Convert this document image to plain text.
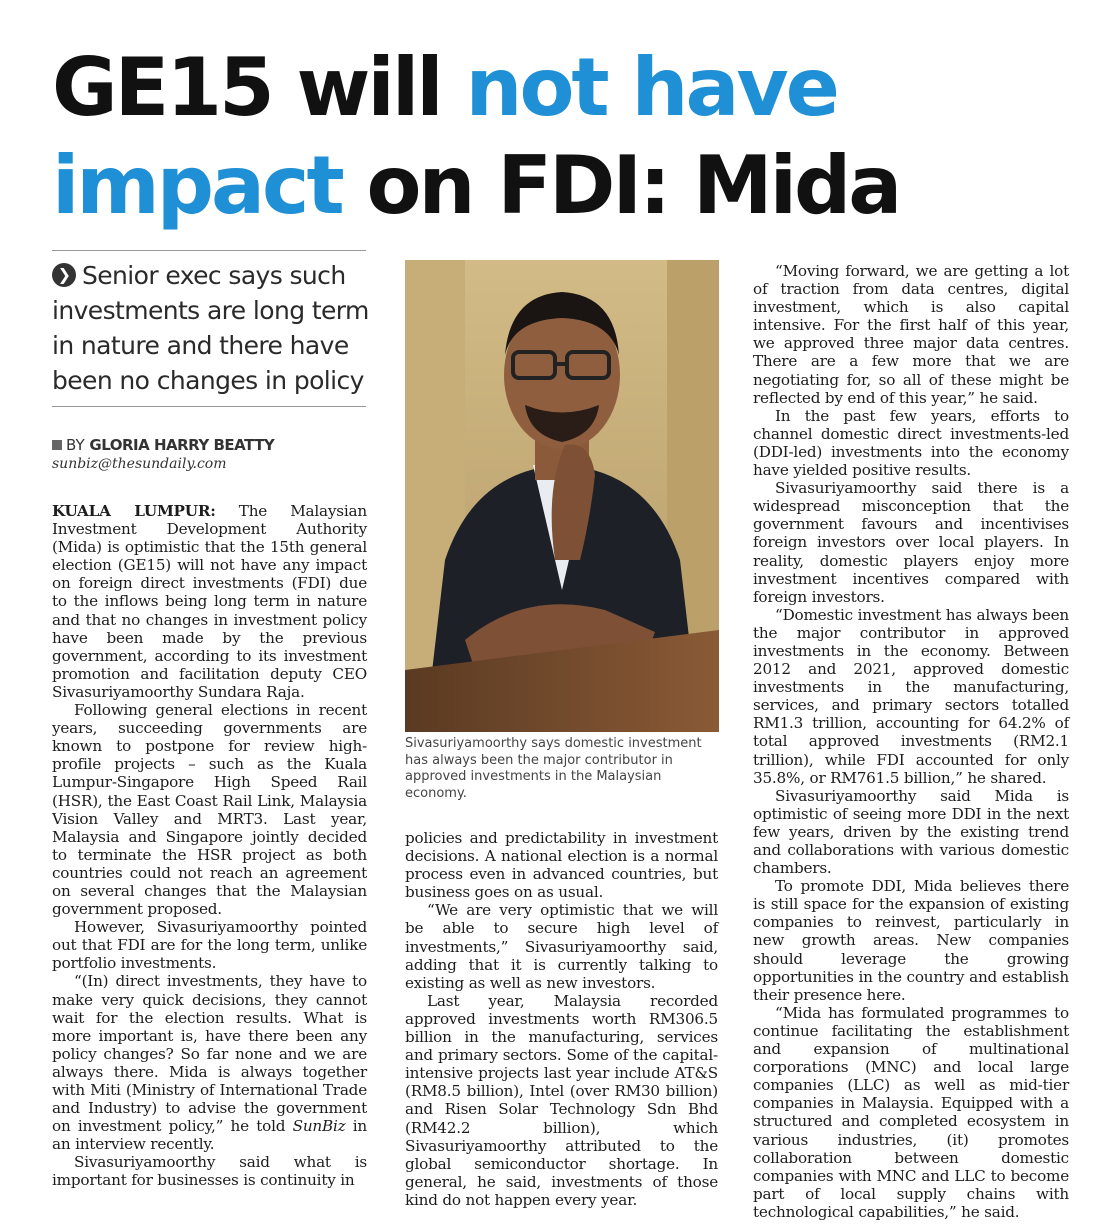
GE15 will not have
impact on FDI: Mida
❯ Senior exec says such investments are long term in nature and there have been no changes in policy
BY GLORIA HARRY BEATTY
sunbiz@thesundaily.com

KUALA LUMPUR: The Malaysian Investment Development Authority (Mida) is optimistic that the 15th general election (GE15) will not have any impact on foreign direct investments (FDI) due to the inflows being long term in nature and that no changes in investment policy have been made by the previous government, according to its investment promotion and facilitation deputy CEO Sivasuriyamoorthy Sundara Raja.

Following general elections in recent years, succeeding governments are known to postpone for review high-profile projects – such as the Kuala Lumpur-Singapore High Speed Rail (HSR), the East Coast Rail Link, Malaysia Vision Valley and MRT3. Last year, Malaysia and Singapore jointly decided to terminate the HSR project as both countries could not reach an agreement on several changes that the Malaysian government proposed.

However, Sivasuriyamoorthy pointed out that FDI are for the long term, unlike portfolio investments.

“(In) direct investments, they have to make very quick decisions, they cannot wait for the election results. What is more important is, have there been any policy changes? So far none and we are always there. Mida is always together with Miti (Ministry of International Trade and Industry) to advise the government on investment policy,” he told SunBiz in an interview recently.

Sivasuriyamoorthy said what is important for businesses is continuity in

Sivasuriyamoorthy says domestic investment has always been the major contributor in approved investments in the Malaysian economy.

policies and predictability in investment decisions. A national election is a normal process even in advanced countries, but business goes on as usual.

“We are very optimistic that we will be able to secure high level of investments,” Sivasuriyamoorthy said, adding that it is currently talking to existing as well as new investors.

Last year, Malaysia recorded approved investments worth RM306.5 billion in the manufacturing, services and primary sectors. Some of the capital-intensive projects last year include AT&S (RM8.5 billion), Intel (over RM30 billion) and Risen Solar Technology Sdn Bhd (RM42.2 billion), which Sivasuriyamoorthy attributed to the global semiconductor shortage. In general, he said, investments of those kind do not happen every year.

“Moving forward, we are getting a lot of traction from data centres, digital investment, which is also capital intensive. For the first half of this year, we approved three major data centres. There are a few more that we are negotiating for, so all of these might be reflected by end of this year,” he said.

In the past few years, efforts to channel domestic direct investments-led (DDI-led) investments into the economy have yielded positive results.

Sivasuriyamoorthy said there is a widespread misconception that the government favours and incentivises foreign investors over local players. In reality, domestic players enjoy more investment incentives compared with foreign investors.

“Domestic investment has always been the major contributor in approved investments in the economy. Between 2012 and 2021, approved domestic investments in the manufacturing, services, and primary sectors totalled RM1.3 trillion, accounting for 64.2% of total approved investments (RM2.1 trillion), while FDI accounted for only 35.8%, or RM761.5 billion,” he shared.

Sivasuriyamoorthy said Mida is optimistic of seeing more DDI in the next few years, driven by the existing trend and collaborations with various domestic chambers.

To promote DDI, Mida believes there is still space for the expansion of existing companies to reinvest, particularly in new growth areas. New companies should leverage the growing opportunities in the country and establish their presence here.

“Mida has formulated programmes to continue facilitating the establishment and expansion of multinational corporations (MNC) and local large companies (LLC) as well as mid-tier companies in Malaysia. Equipped with a structured and completed ecosystem in various industries, (it) promotes collaboration between domestic companies with MNC and LLC to become part of local supply chains with technological capabilities,” he said.
